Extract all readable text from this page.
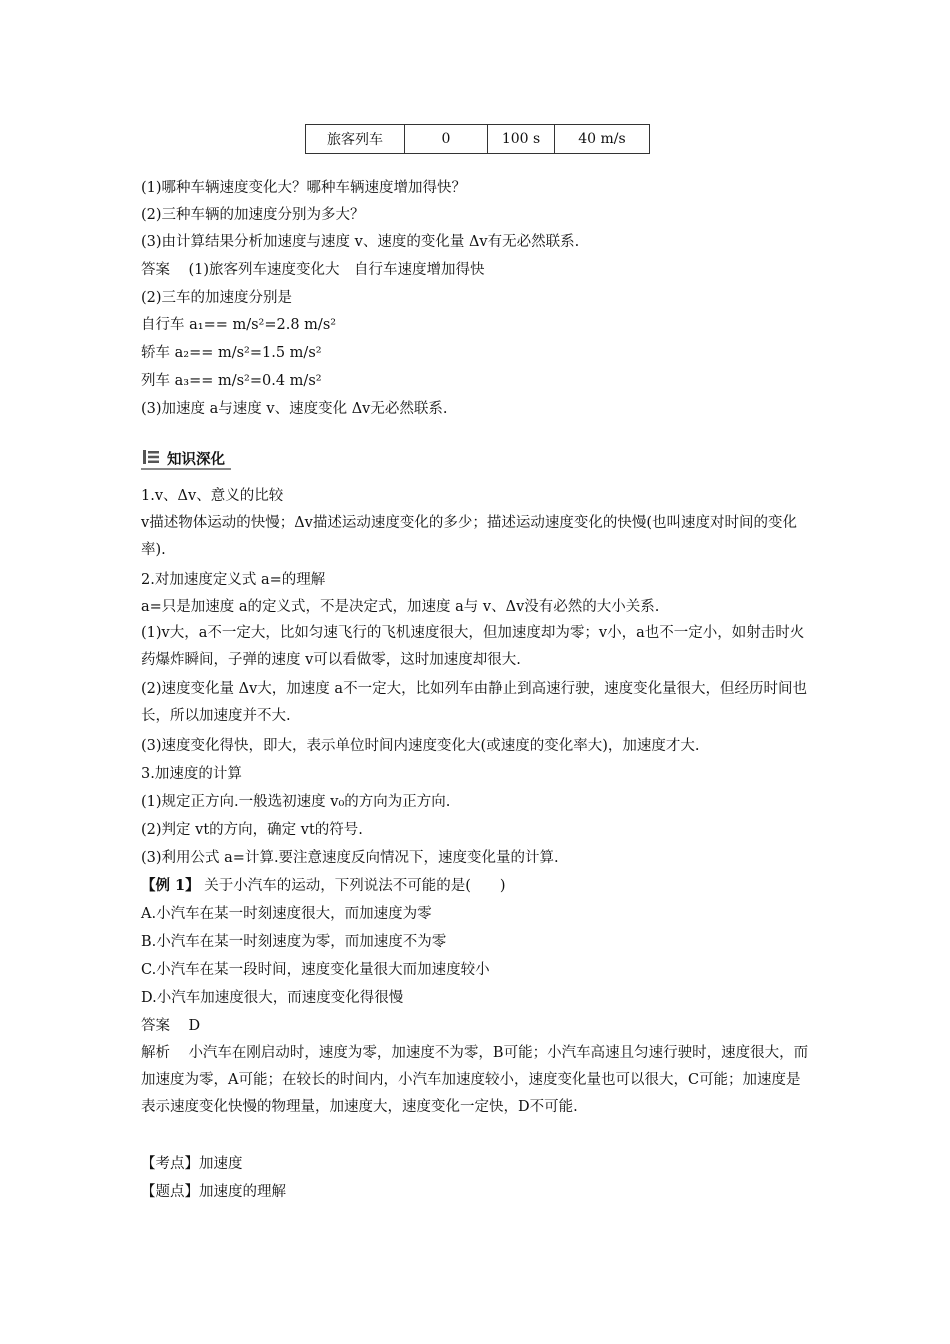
旅客列车	0	100 s	40 m/s
(1)哪种车辆速度变化大？哪种车辆速度增加得快？
(2)三种车辆的加速度分别为多大？
(3)由计算结果分析加速度与速度 v、速度的变化量 Δv有无必然联系.
答案 (1)旅客列车速度变化大　自行车速度增加得快
(2)三车的加速度分别是
自行车 a₁== m/s²=2.8 m/s²
轿车 a₂== m/s²=1.5 m/s²
列车 a₃== m/s²=0.4 m/s²
(3)加速度 a与速度 v、速度变化 Δv无必然联系.
知识深化
1.v、Δv、意义的比较
v描述物体运动的快慢；Δv描述运动速度变化的多少；描述运动速度变化的快慢(也叫速度对时间的变化率).
2.对加速度定义式 a=的理解
a=只是加速度 a的定义式，不是决定式，加速度 a与 v、Δv没有必然的大小关系.
(1)v大，a不一定大，比如匀速飞行的飞机速度很大，但加速度却为零；v小，a也不一定小，如射击时火药爆炸瞬间，子弹的速度 v可以看做零，这时加速度却很大.
(2)速度变化量 Δv大，加速度 a不一定大，比如列车由静止到高速行驶，速度变化量很大，但经历时间也长，所以加速度并不大.
(3)速度变化得快，即大，表示单位时间内速度变化大(或速度的变化率大)，加速度才大.
3.加速度的计算
(1)规定正方向.一般选初速度 v₀的方向为正方向.
(2)判定 vt的方向，确定 vt的符号.
(3)利用公式 a=计算.要注意速度反向情况下，速度变化量的计算.
【例 1】 关于小汽车的运动，下列说法不可能的是(　　)
A.小汽车在某一时刻速度很大，而加速度为零
B.小汽车在某一时刻速度为零，而加速度不为零
C.小汽车在某一段时间，速度变化量很大而加速度较小
D.小汽车加速度很大，而速度变化得很慢
答案 D
解析 小汽车在刚启动时，速度为零，加速度不为零，B可能；小汽车高速且匀速行驶时，速度很大，而加速度为零，A可能；在较长的时间内，小汽车加速度较小，速度变化量也可以很大，C可能；加速度是表示速度变化快慢的物理量，加速度大，速度变化一定快，D不可能.
【考点】加速度
【题点】加速度的理解
